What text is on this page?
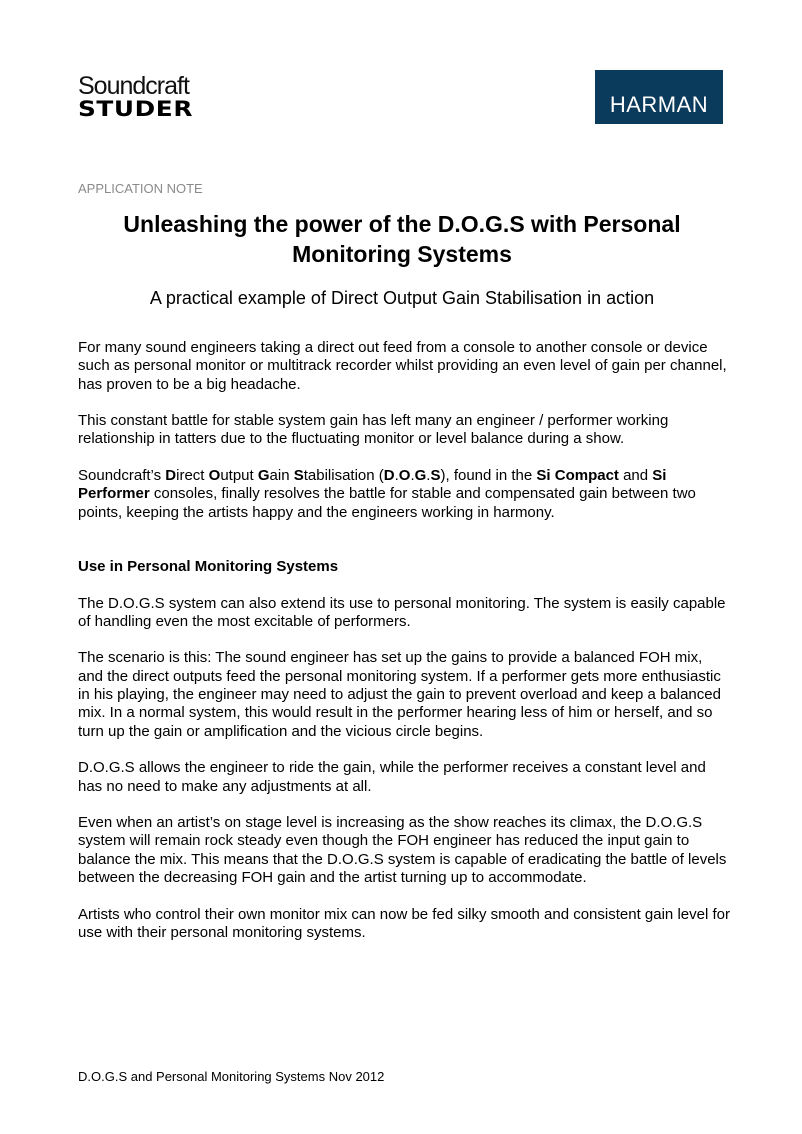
Soundcraft
STUDER	HARMAN
APPLICATION NOTE
Unleashing the power of the D.O.G.S with Personal Monitoring Systems
A practical example of Direct Output Gain Stabilisation in action

For many sound engineers taking a direct out feed from a console to another console or device such as personal monitor or multitrack recorder whilst providing an even level of gain per channel, has proven to be a big headache.

This constant battle for stable system gain has left many an engineer / performer working relationship in tatters due to the fluctuating monitor or level balance during a show.

Soundcraft’s Direct Output Gain Stabilisation (D.O.G.S), found in the Si Compact and Si Performer consoles, finally resolves the battle for stable and compensated gain between two points, keeping the artists happy and the engineers working in harmony.

Use in Personal Monitoring Systems

The D.O.G.S system can also extend its use to personal monitoring. The system is easily capable of handling even the most excitable of performers.

The scenario is this: The sound engineer has set up the gains to provide a balanced FOH mix, and the direct outputs feed the personal monitoring system. If a performer gets more enthusiastic in his playing, the engineer may need to adjust the gain to prevent overload and keep a balanced mix. In a normal system, this would result in the performer hearing less of him or herself, and so turn up the gain or amplification and the vicious circle begins.

D.O.G.S allows the engineer to ride the gain, while the performer receives a constant level and has no need to make any adjustments at all.

Even when an artist’s on stage level is increasing as the show reaches its climax, the D.O.G.S system will remain rock steady even though the FOH engineer has reduced the input gain to balance the mix. This means that the D.O.G.S system is capable of eradicating the battle of levels between the decreasing FOH gain and the artist turning up to accommodate.

Artists who control their own monitor mix can now be fed silky smooth and consistent gain level for use with their personal monitoring systems.

D.O.G.S and Personal Monitoring Systems Nov 2012
